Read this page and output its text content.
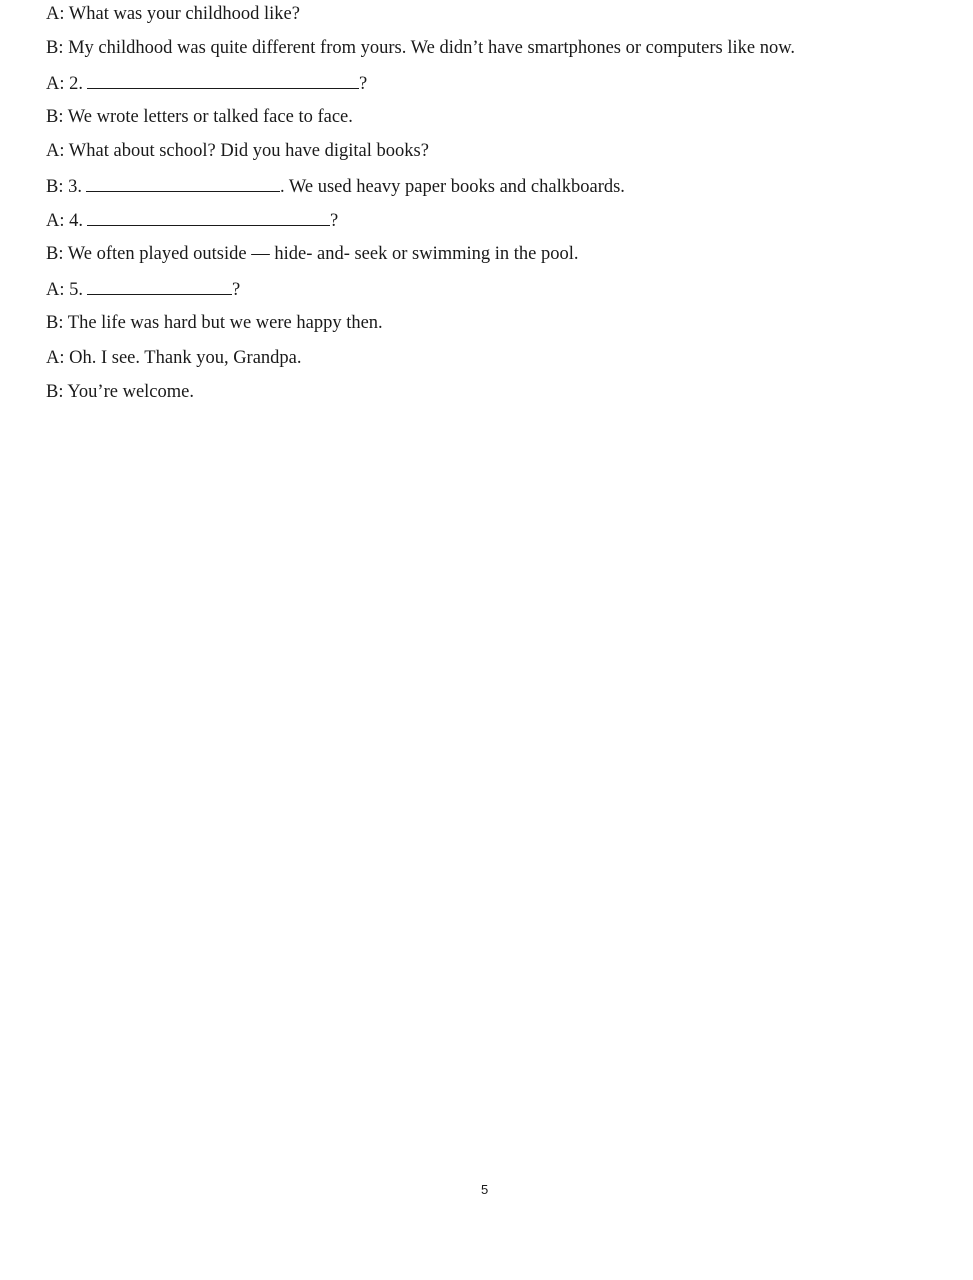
A: What was your childhood like?
B: My childhood was quite different from yours. We didn’t have smartphones or computers like now.
A: 2.	?
B: We wrote letters or talked face to face.
A: What about school? Did you have digital books?
B: 3.	. We used heavy paper books and chalkboards.
A: 4.	?
B: We often played outside — hide- and- seek or swimming in the pool.
A: 5.	?
B: The life was hard but we were happy then.
A: Oh. I see. Thank you, Grandpa.
B: You’re welcome.
5
